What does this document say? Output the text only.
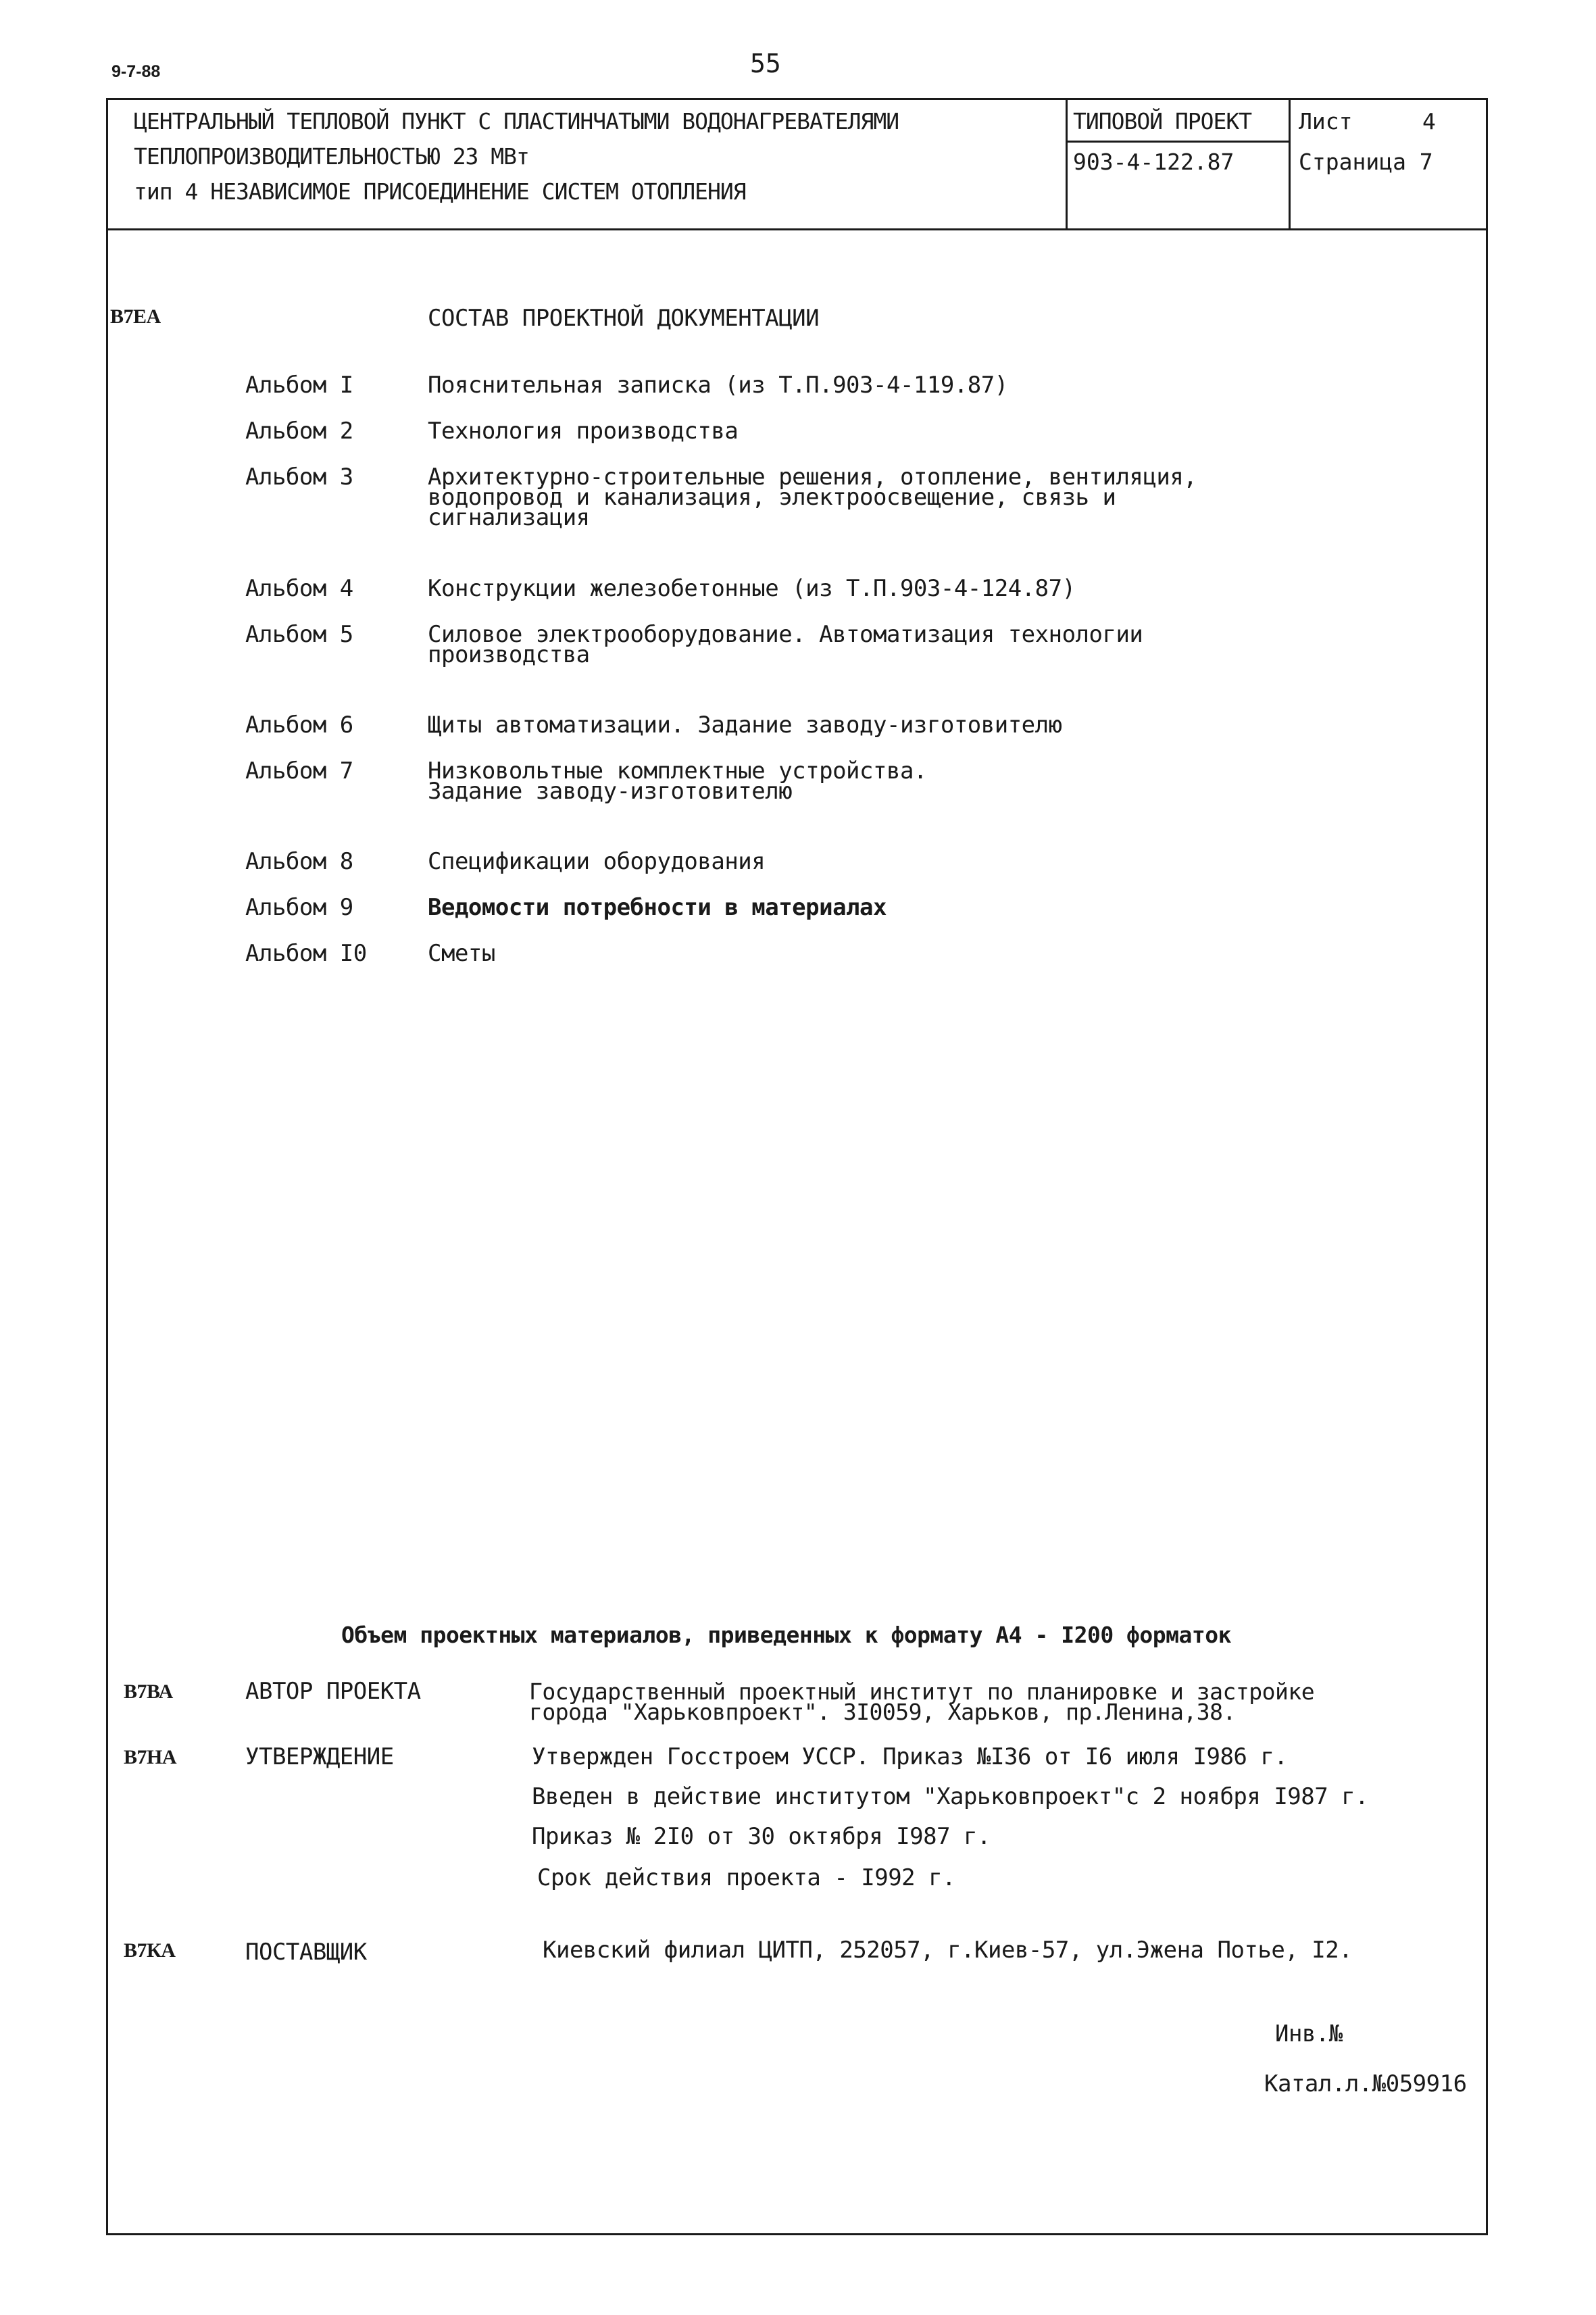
9-7-88	55
ЦЕНТРАЛЬНЫЙ ТЕПЛОВОЙ ПУНКТ С ПЛАСТИНЧАТЫМИ ВОДОНАГРЕВАТЕЛЯМИ
ТЕПЛОПРОИЗВОДИТЕЛЬНОСТЬЮ 23 МВт
тип 4 НЕЗАВИСИМОЕ ПРИСОЕДИНЕНИЕ СИСТЕМ ОТОПЛЕНИЯ
ТИПОВОЙ ПРОЕКТ
903-4-122.87
Лист	4
Страница 7
В7ЕА	СОСТАВ ПРОЕКТНОЙ ДОКУМЕНТАЦИИ
Альбом I	Пояснительная записка (из Т.П.903-4-119.87)
Альбом 2	Технология производства
Альбом 3	Архитектурно-строительные решения, отопление, вентиляция,
водопровод и канализация, электроосвещение, связь и
сигнализация
Альбом 4	Конструкции железобетонные (из Т.П.903-4-124.87)
Альбом 5	Силовое электрооборудование. Автоматизация технологии
производства
Альбом 6	Щиты автоматизации. Задание заводу-изготовителю
Альбом 7	Низковольтные комплектные устройства.
Задание заводу-изготовителю
Альбом 8	Спецификации оборудования
Альбом 9	Ведомости потребности в материалах
Альбом I0	Сметы
Объем проектных материалов, приведенных к формату А4 - I200 форматок
В7ВА	АВТОР ПРОЕКТА	Государственный проектный институт по планировке и застройке
города "Харьковпроект". 3I0059, Харьков, пр.Ленина,38.
В7НА	УТВЕРЖДЕНИЕ	Утвержден Госстроем УССР. Приказ №I36 от I6 июля I986 г.
Введен в действие институтом "Харьковпроект"с 2 ноября I987 г.
Приказ № 2I0 от 30 октября I987 г.
Срок действия проекта - I992 г.
В7КА	ПОСТАВЩИК	Киевский филиал ЦИТП, 252057, г.Киев-57, ул.Эжена Потье, I2.
Инв.№
Катал.л.№059916
